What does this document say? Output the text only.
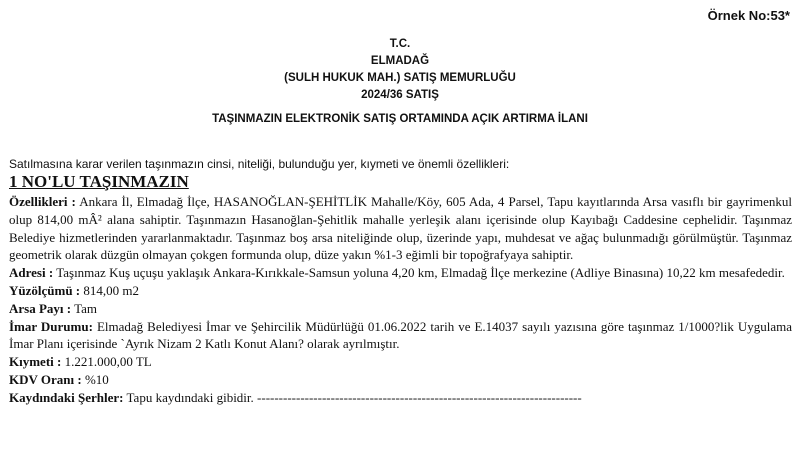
Örnek No:53*
T.C.
ELMADAĞ
(SULH HUKUK MAH.) SATIŞ MEMURLUĞU
2024/36 SATIŞ
TAŞINMAZIN ELEKTRONİK SATIŞ ORTAMINDA AÇIK ARTIRMA İLANI
Satılmasına karar verilen taşınmazın cinsi, niteliği, bulunduğu yer, kıymeti ve önemli özellikleri:
1 NO'LU TAŞINMAZIN

Özellikleri : Ankara İl, Elmadağ İlçe, HASANOĞLAN-ŞEHİTLİK Mahalle/Köy, 605 Ada, 4 Parsel, Tapu kayıtlarında Arsa vasıflı bir gayrimenkul olup 814,00 mÂ² alana sahiptir. Taşınmazın Hasanoğlan-Şehitlik mahalle yerleşik alanı içerisinde olup Kayıbağı Caddesine cephelidir. Taşınmaz Belediye hizmetlerinden yararlanmaktadır. Taşınmaz boş arsa niteliğinde olup, üzerinde yapı, muhdesat ve ağaç bulunmadığı görülmüştür. Taşınmaz geometrik olarak düzgün olmayan çokgen formunda olup, düze yakın %1-3 eğimli bir topoğrafyaya sahiptir.

Adresi : Taşınmaz Kuş uçuşu yaklaşık Ankara-Kırıkkale-Samsun yoluna 4,20 km, Elmadağ İlçe merkezine (Adliye Binasına) 10,22 km mesafededir.

Yüzölçümü : 814,00 m2

Arsa Payı : Tam

İmar Durumu: Elmadağ Belediyesi İmar ve Şehircilik Müdürlüğü 01.06.2022 tarih ve E.14037 sayılı yazısına göre taşınmaz 1/1000?lik Uygulama İmar Planı içerisinde `Ayrık Nizam 2 Katlı Konut Alanı? olarak ayrılmıştır.

Kıymeti : 1.221.000,00 TL

KDV Oranı : %10

Kaydındaki Şerhler: Tapu kaydındaki gibidir. ---------------------------------------------------------------------------
